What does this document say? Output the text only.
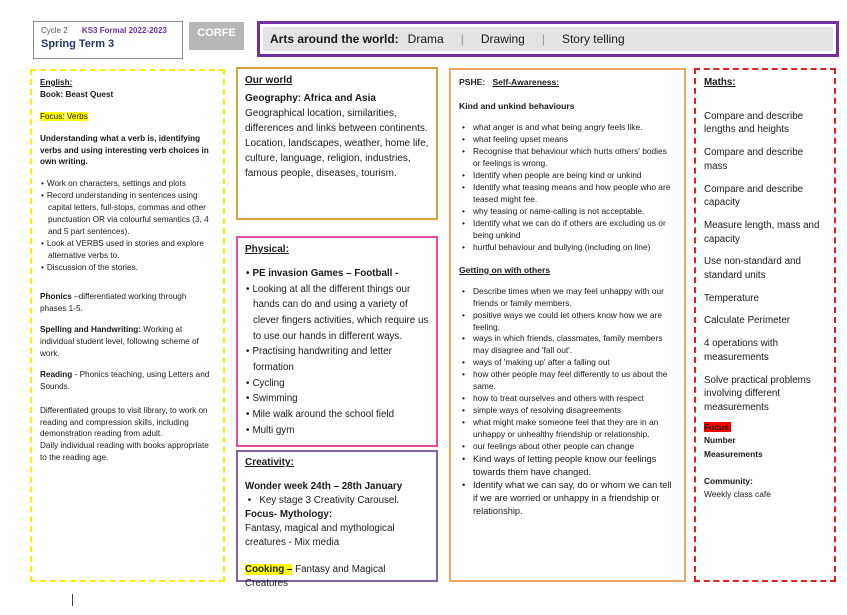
Cycle 2 KS3 Formal 2022-2023
Spring Term 3
CORFE	Arts around the world: Drama | Drawing | Story telling

English:

Book: Beast Quest

Focus: Verbs

Understanding what a verb is, identifying verbs and using interesting verb choices in own writing.

• Work on characters, settings and plots
• Record understanding in sentences using capital letters, full-stops, commas and other punctuation OR via colourful semantics (3, 4 and 5 part sentences).
• Look at VERBS used in stories and explore alternative verbs to.
• Discussion of the stories.

Phonics –differentiated working through phases 1-5.

Spelling and Handwriting: Working at individual student level, following scheme of work.

Reading - Phonics teaching, using Letters and Sounds.

Differentiated groups to visit library, to work on reading and compression skills, including demonstration reading from adult.

Daily individual reading with books appropriate to the reading age.

Our world

Geography: Africa and Asia

Geographical location, similarities, differences and links between continents.

Location, landscapes, weather, home life, culture, language, religion, industries, famous people, diseases, tourism.

Physical:
• PE invasion Games – Football -
• Looking at all the different things our hands can do and using a variety of clever fingers activities, which require us to use our hands in different ways.
• Practising handwriting and letter formation
• Cycling
• Swimming
• Mile walk around the school field
• Multi gym
Creativity:

Wonder week 24th – 28th January

•   Key stage 3 Creativity Carousel.

Focus- Mythology:

Fantasy, magical and mythological creatures - Mix media

Cooking – Fantasy and Magical Creatures

PSHE: Self-Awareness:

Kind and unkind behaviours

• what anger is and what being angry feels like.
• what feeling upset means
• Recognise that behaviour which hurts others' bodies or feelings is wrong.
• Identify when people are being kind or unkind
• Identify what teasing means and how people who are teased might fee.
• why teasing or name-calling is not acceptable.
• Identify what we can do if others are excluding us or being unkind
• hurtful behaviour and bullying (including on line)

Getting on with others

• Describe times when we may feel unhappy with our friends or family members.
• positive ways we could let others know how we are feeling.
• ways in which friends, classmates, family members may disagree and 'fall out'.
• ways of 'making up' after a falling out
• how other people may feel differently to us about the same.
• how to treat ourselves and others with respect
• simple ways of resolving disagreements
• what might make someone feel that they are in an unhappy or unhealthy friendship or relationship.
• our feelings about other people can change
• Kind ways of letting people know our feelings towards them have changed.
• Identify what we can say, do or whom we can tell if we are worried or unhappy in a friendship or relationship.

Maths:

Compare and describe lengths and heights

Compare and describe mass

Compare and describe capacity

Measure length, mass and capacity

Use non-standard and standard units

Temperature

Calculate Perimeter

4 operations with measurements

Solve practical problems involving different measurements

Focus:

Number

Measurements

Community:

Weekly class cafe
